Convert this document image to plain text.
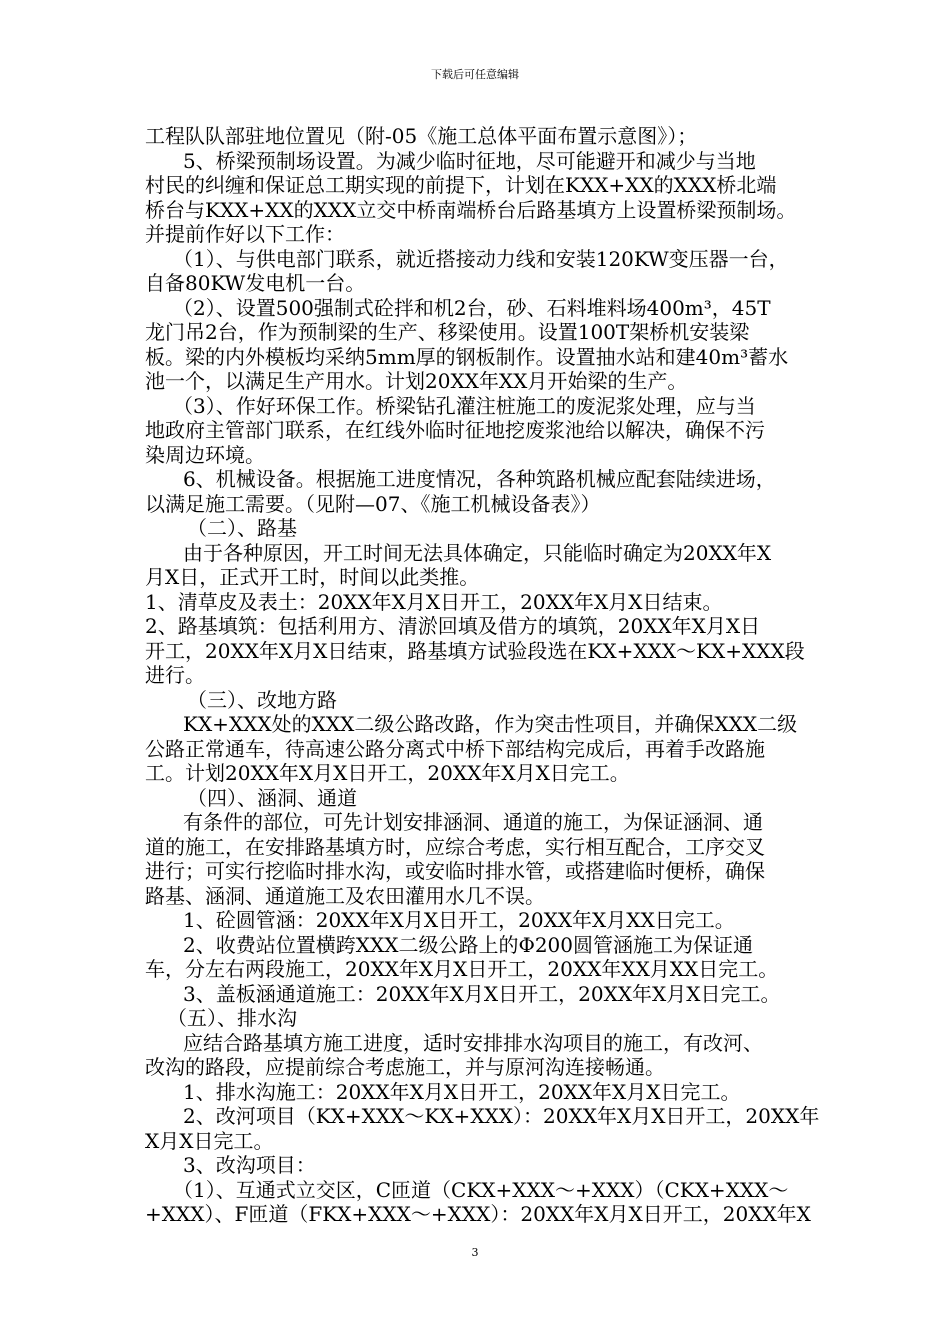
下载后可任意编辑
工程队队部驻地位置见（附-05《施工总体平面布置示意图》）；
5、桥梁预制场设置。为减少临时征地，尽可能避开和减少与当地
村民的纠缠和保证总工期实现的前提下，计划在KXX+XX的XXX桥北端
桥台与KXX+XX的XXX立交中桥南端桥台后路基填方上设置桥梁预制场。
并提前作好以下工作：
（1）、与供电部门联系，就近搭接动力线和安装120KW变压器一台，
自备80KW发电机一台。
（2）、设置500强制式砼拌和机2台，砂、石料堆料场400m³，45T
龙门吊2台，作为预制梁的生产、移梁使用。设置100T架桥机安装梁
板。梁的内外模板均采纳5mm厚的钢板制作。设置抽水站和建40m³蓄水
池一个，以满足生产用水。计划20XX年XX月开始梁的生产。
（3）、作好环保工作。桥梁钻孔灌注桩施工的废泥浆处理，应与当
地政府主管部门联系，在红线外临时征地挖废浆池给以解决，确保不污
染周边环境。
6、机械设备。根据施工进度情况，各种筑路机械应配套陆续进场，
以满足施工需要。（见附—07、《施工机械设备表》）
（二）、路基
由于各种原因，开工时间无法具体确定，只能临时确定为20XX年X
月X日，正式开工时，时间以此类推。
1、清草皮及表土：20XX年X月X日开工，20XX年X月X日结束。
2、路基填筑：包括利用方、清淤回填及借方的填筑，20XX年X月X日
开工，20XX年X月X日结束，路基填方试验段选在KX+XXX～KX+XXX段
进行。
（三）、改地方路
KX+XXX处的XXX二级公路改路，作为突击性项目，并确保XXX二级
公路正常通车，待高速公路分离式中桥下部结构完成后，再着手改路施
工。计划20XX年X月X日开工，20XX年X月X日完工。
（四）、涵洞、通道
有条件的部位，可先计划安排涵洞、通道的施工，为保证涵洞、通
道的施工，在安排路基填方时，应综合考虑，实行相互配合，工序交叉
进行；可实行挖临时排水沟，或安临时排水管，或搭建临时便桥，确保
路基、涵洞、通道施工及农田灌用水几不误。
1、砼圆管涵：20XX年X月X日开工，20XX年X月XX日完工。
2、收费站位置横跨XXX二级公路上的Φ200圆管涵施工为保证通
车，分左右两段施工，20XX年X月X日开工，20XX年XX月XX日完工。
3、盖板涵通道施工：20XX年X月X日开工，20XX年X月X日完工。
（五）、排水沟
应结合路基填方施工进度，适时安排排水沟项目的施工，有改河、
改沟的路段，应提前综合考虑施工，并与原河沟连接畅通。
1、排水沟施工：20XX年X月X日开工，20XX年X月X日完工。
2、改河项目（KX+XXX～KX+XXX）：20XX年X月X日开工，20XX年
X月X日完工。
3、改沟项目：
（1）、互通式立交区，C匝道（CKX+XXX～+XXX）（CKX+XXX～
+XXX）、F匝道（FKX+XXX～+XXX）：20XX年X月X日开工，20XX年X
3
